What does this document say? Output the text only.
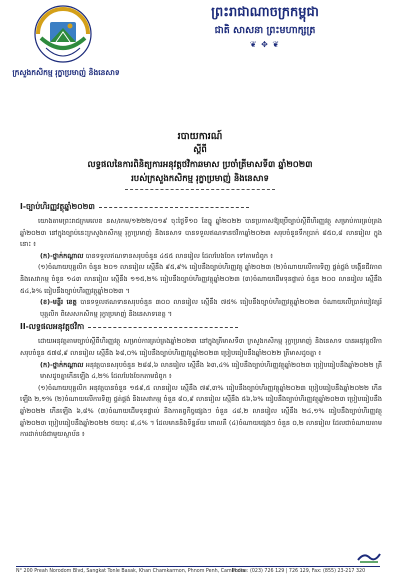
ព្រះរាជាណាចក្រកម្ពុជា
ជាតិ សាសនា ព្រះមហាក្សត្រ
❦ ✥ ❦
ក្រសួងកសិកម្ម រុក្ខាប្រមាញ់ និងនេសាទ
របាយការណ៍
ស្ដីពី
លទ្ធផលនៃការពិនិត្យការអនុវត្តថវិកាឆមាស ប្រចាំត្រីមាសទី៣ ឆ្នាំ២០២៣
របស់ក្រសួងកសិកម្ម រុក្ខាប្រមាញ់ និងនេសាទ
I-ច្បាប់ហិរញ្ញវត្ថុឆ្នាំ២០២៣

យោងតាមព្រះរាជក្រមលេខ នស/រកម/១២២២/០១៩ ចុះថ្ងៃទី១០ ខែធ្នូ ឆ្នាំ២០២២ បានប្រកាសឱ្យប្រើច្បាប់ស្ដីពីហិរញ្ញវត្ថុ សម្រាប់ការគ្រប់គ្រងឆ្នាំ២០២៣ នៅក្នុងច្បាប់នេះក្រសួងកសិកម្ម រុក្ខាប្រមាញ់ និងនេសាទ បានទទួលឥណទានថវិកាឆ្នាំ២០២៣ សរុបចំនួនទឹកប្រាក់ ៨៥០,៨ លានរៀល ក្នុងនោះ ៖

(ក)-ថ្នាក់កណ្ដាល បានទទួលឥណទានសរុបចំនួន ៤៥៥ លានរៀល ដែលបែងចែក ទៅតាមជំពូក ៖

(១)ចំណាយបុគ្គលិក ចំនួន ២០១ លានរៀល ស្មើនឹង ៩៥,៩% ធៀបនឹងច្បាប់ហិរញ្ញវត្ថុ ឆ្នាំ២០២៣ (២)ចំណាយលើការទិញ ផ្គត់ផ្គង់ បង្កើនជីវភាព និងសេវាកម្ម ចំនួន ១៤៣ លានរៀល ស្មើនឹង ១១៥,២% ធៀបនឹងច្បាប់ហិរញ្ញវត្ថុឆ្នាំ២០២៣ (៣)ចំណាយដើមទុនផ្ទាល់ ចំនួន ២០០ លានរៀល ស្មើនឹង ៥៤,៦% ធៀបនឹងច្បាប់ហិរញ្ញវត្ថុឆ្នាំ២០២៣ ។

(ខ)-មន្ទីរ ខេត្ត បានទទួលឥណទានសរុបចំនួន ៣០០ លានរៀល ស្មើនឹង ៧៥% ធៀបនឹងច្បាប់ហិរញ្ញវត្ថុឆ្នាំ២០២៣ ចំណាយលើប្រាក់បៀវត្សរ៍ បុគ្គលិក ពិសេសកសិកម្ម រុក្ខាប្រមាញ់ និងនេសាទខេត្ត ។

II-លទ្ធផលអនុវត្តថវិកា

ដោយអនុវត្តតាមច្បាប់ស្ដីពីហិរញ្ញវត្ថុ សម្រាប់ការគ្រប់គ្រងឆ្នាំ២០២៣ នៅក្នុងត្រីមាសទី៣ ក្រសួងកសិកម្ម រុក្ខាប្រមាញ់ និងនេសាទ បានអនុវត្តថវិកាសរុបចំនួន ៥៧៨,៩ លានរៀល ស្មើនឹង ៦៨,០% ធៀបនឹងច្បាប់ហិរញ្ញវត្ថុឆ្នាំ២០២៣ ប្រៀបធៀបនឹងឆ្នាំ២០២២ ត្រីមាសដូចគ្នា ៖

(ក)-ថ្នាក់កណ្ដាល អនុវត្តបានសរុបចំនួន ២៨៨,៦ លានរៀល ស្មើនឹង ៦៣,៤% ធៀបនឹងច្បាប់ហិរញ្ញវត្ថុឆ្នាំ២០២៣ ប្រៀបធៀបនឹងឆ្នាំ២០២២ ត្រីមាសដូចគ្នាកើនឡើង ៤,២% ដែលបែងចែកតាមជំពូក ៖

(១)ចំណាយបុគ្គលិក អនុវត្តបានចំនួន ១៥៩,៥ លានរៀល ស្មើនឹង ៧៩,៣% ធៀបនឹងច្បាប់ហិរញ្ញវត្ថុឆ្នាំ២០២៣ ប្រៀបធៀបនឹងឆ្នាំ២០២២ កើនឡើង ២,១% (២)ចំណាយលើការទិញ ផ្គត់ផ្គង់ និងសេវាកម្ម ចំនួន ៨០,៩ លានរៀល ស្មើនឹង ៥៦,៦% ធៀបនឹងច្បាប់ហិរញ្ញវត្ថុឆ្នាំ២០២៣ ប្រៀបធៀបនឹងឆ្នាំ២០២២ កើនឡើង ៦,៨% (៣)ចំណាយដើមទុនផ្ទាល់ និងកាតព្វកិច្ចផ្សេងៗ ចំនួន ៤៨,២ លានរៀល ស្មើនឹង ២៤,១% ធៀបនឹងច្បាប់ហិរញ្ញវត្ថុឆ្នាំ២០២៣ ប្រៀបធៀបនឹងឆ្នាំ២០២២ ថយចុះ ៨,៤% ។ ដែលមាននិងទិន្នន័យ ពោលគឺ (៤)ចំណាយផ្សេងៗ ចំនួន ០,២ លានរៀល ដែលជាចំណាយតាមការដាក់បង់ជាមួយស្ថាប័ន ៖

N° 200 Preah Norodom Blvd, Sangkat Tonle Basak, Khan Chamkarmon, Phnom Penh, Cambodia
Phone: (023) 726 129 | 726 129, Fax: (855) 23-217 320
